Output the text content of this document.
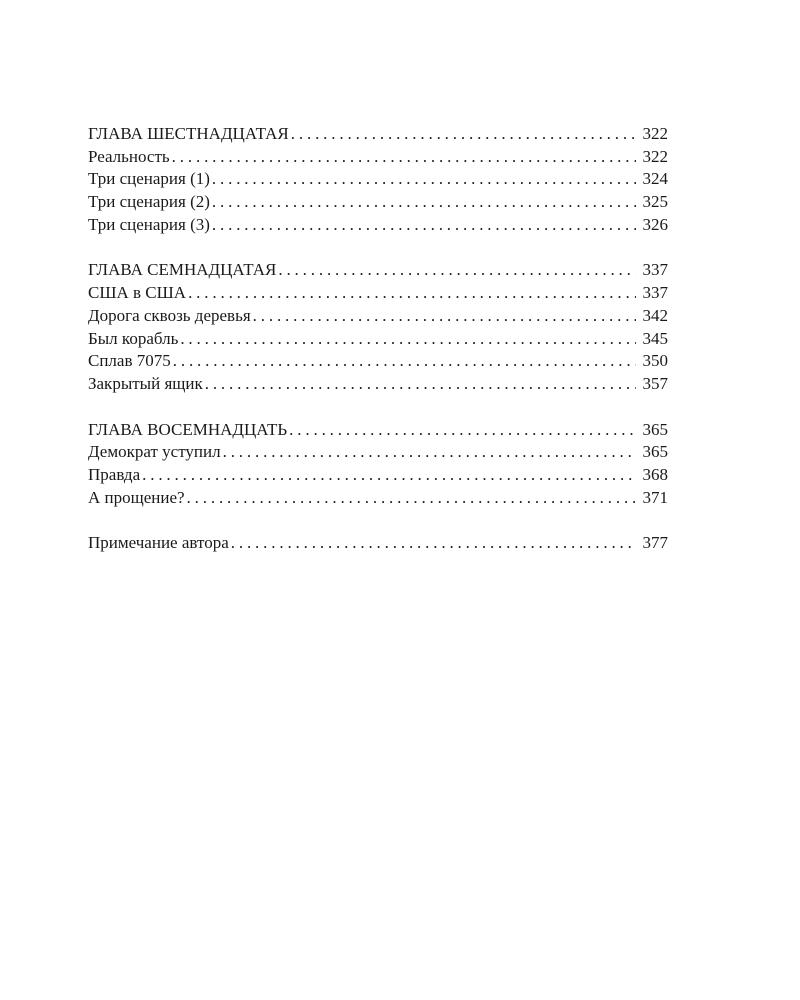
ГЛАВА ШЕСТНАДЦАТАЯ . . .	322
Реальность . . .	322
Три сценария (1) . . .	324
Три сценария (2) . . .	325
Три сценария (3) . . .	326
ГЛАВА СЕМНАДЦАТАЯ . . .	337
США в США . . .	337
Дорога сквозь деревья . . .	342
Был корабль . . .	345
Сплав 7075 . . .	350
Закрытый ящик . . .	357
ГЛАВА ВОСЕМНАДЦАТЬ . . .	365
Демократ уступил . . .	365
Правда . . .	368
А прощение? . . .	371
Примечание автора . . .	377
